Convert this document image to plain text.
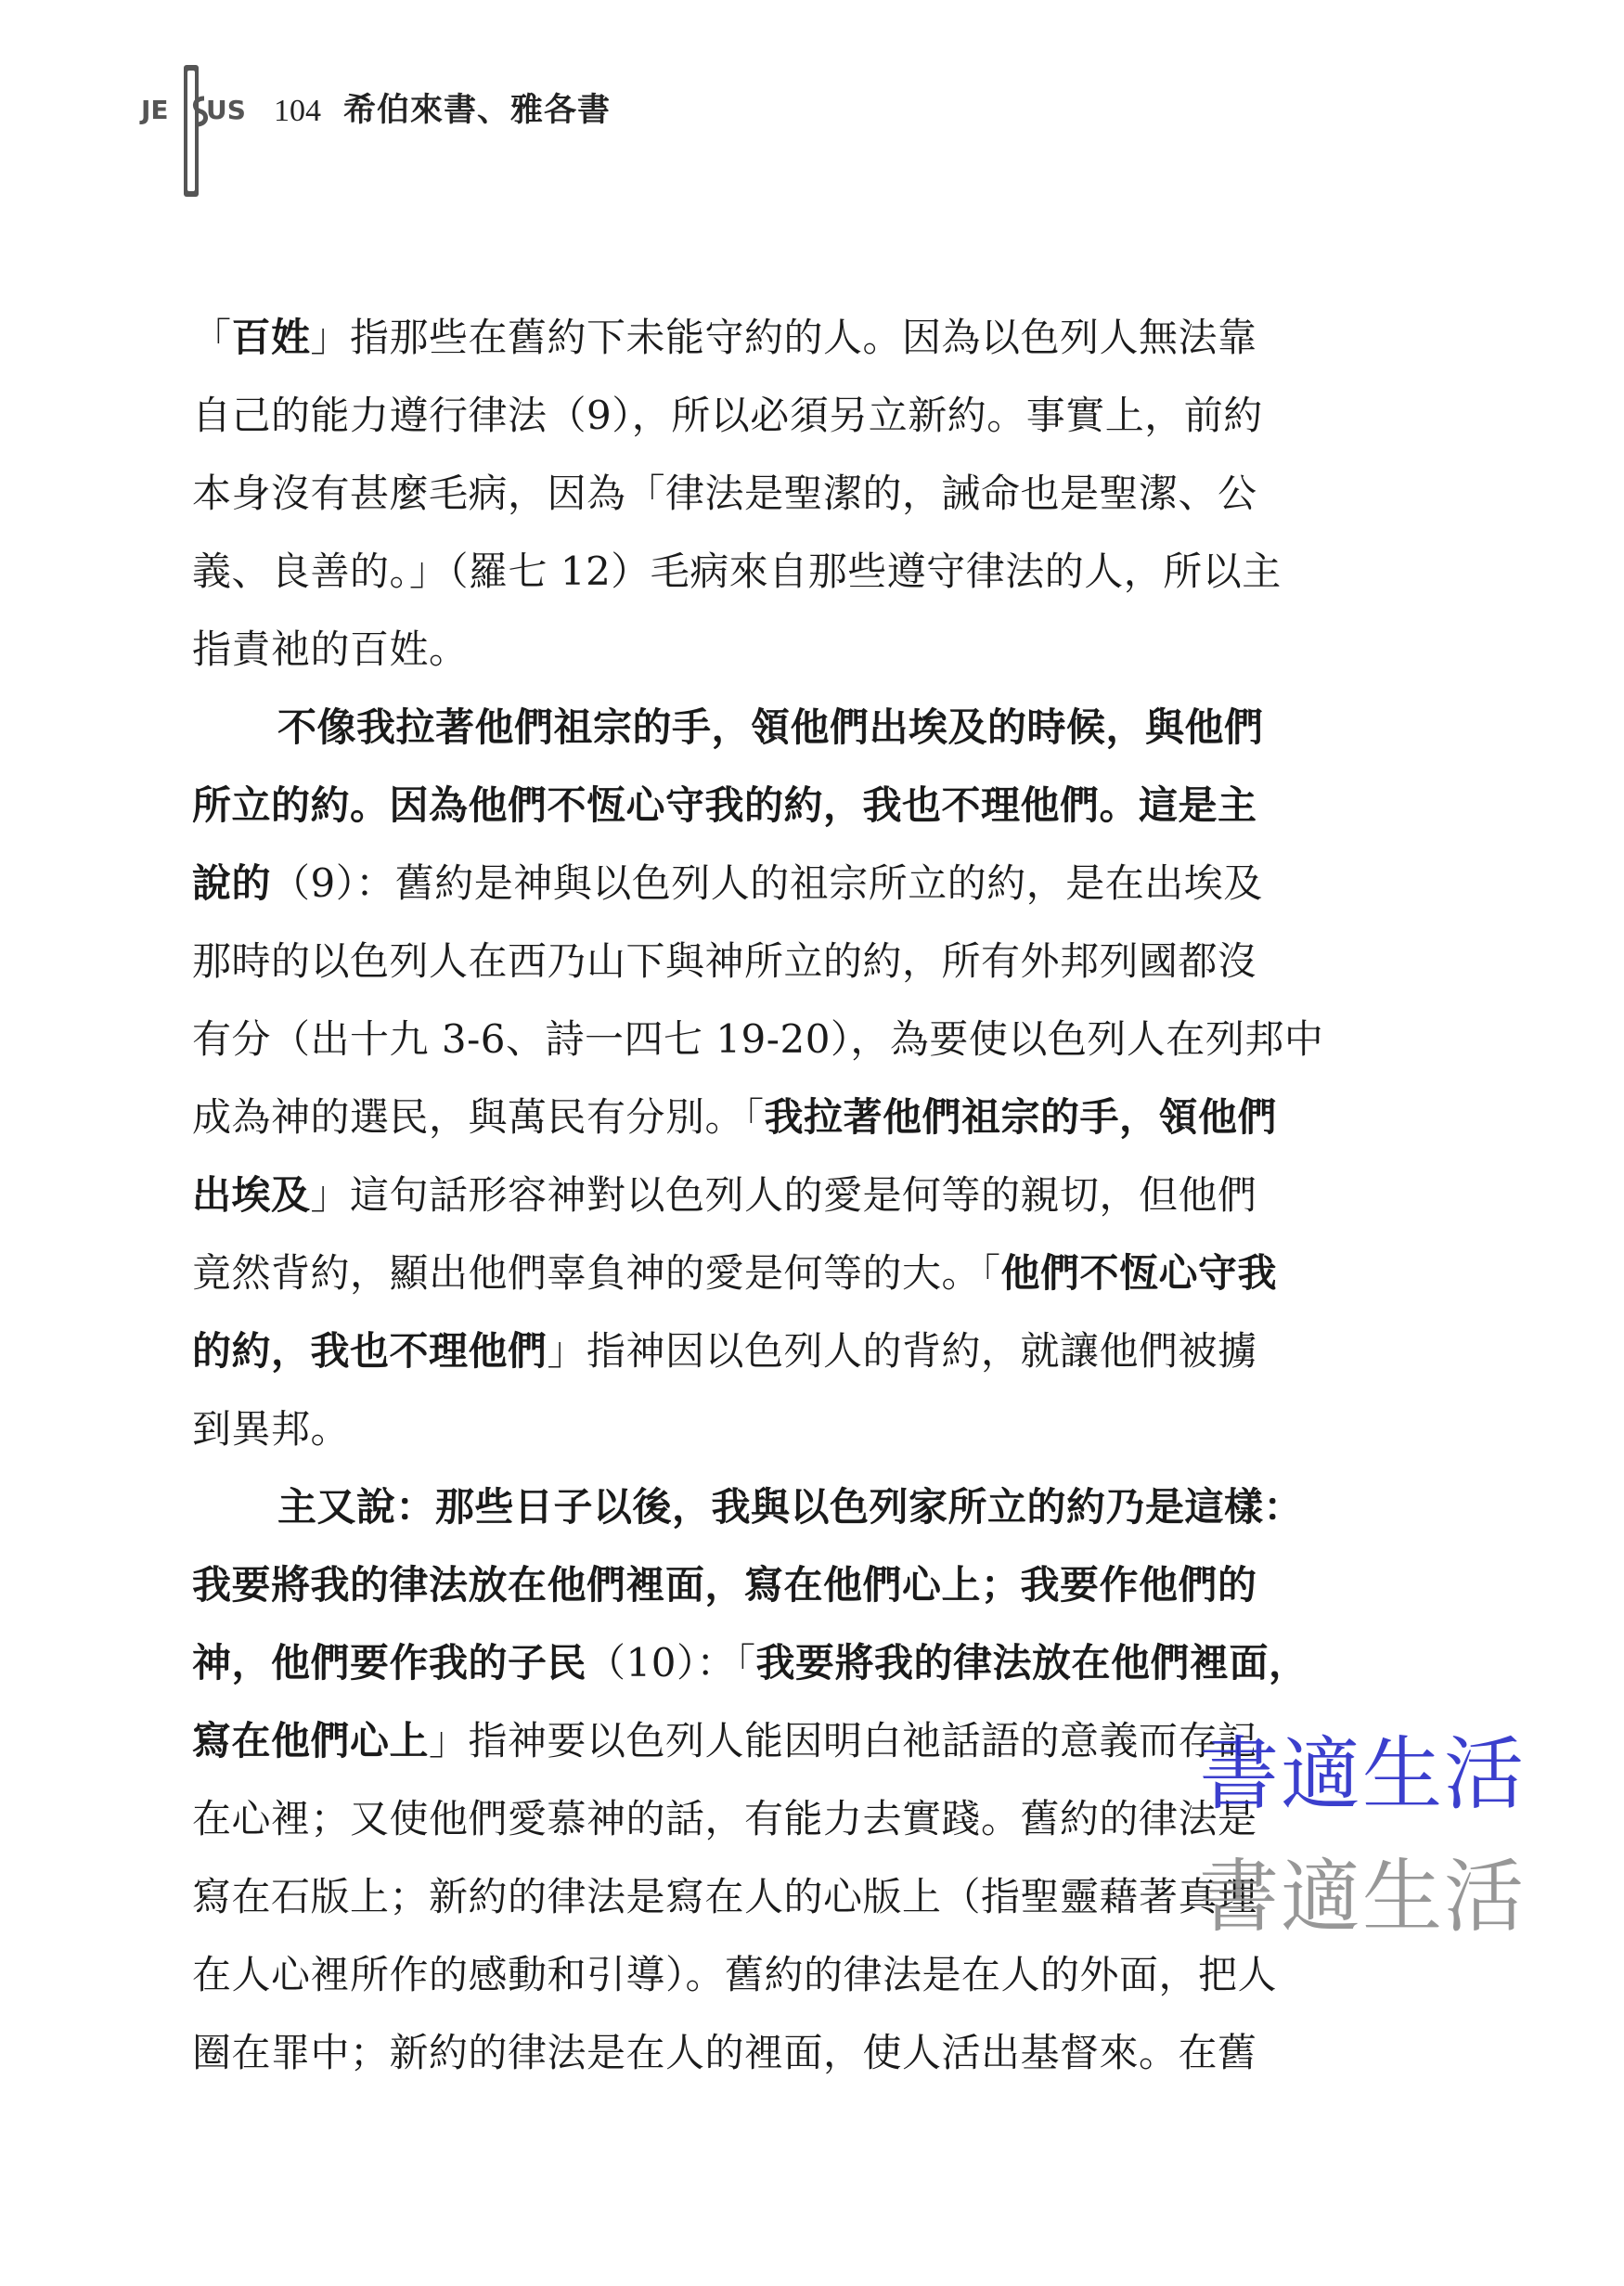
JE US 104 希伯來書、雅各書
「百姓」指那些在舊約下未能守約的人。因為以色列人無法靠
自己的能力遵行律法（9），所以必須另立新約。事實上，前約
本身沒有甚麼毛病，因為「律法是聖潔的，誡命也是聖潔、公
義、良善的。」（羅七 12）毛病來自那些遵守律法的人，所以主
指責祂的百姓。
不像我拉著他們祖宗的手，領他們出埃及的時候，與他們
所立的約。因為他們不恆心守我的約，我也不理他們。這是主
說的（9）：舊約是神與以色列人的祖宗所立的約，是在出埃及
那時的以色列人在西乃山下與神所立的約，所有外邦列國都沒
有分（出十九 3-6、詩一四七 19-20），為要使以色列人在列邦中
成為神的選民，與萬民有分別。「我拉著他們祖宗的手，領他們
出埃及」這句話形容神對以色列人的愛是何等的親切，但他們
竟然背約，顯出他們辜負神的愛是何等的大。「他們不恆心守我
的約，我也不理他們」指神因以色列人的背約，就讓他們被擄
到異邦。
主又說：那些日子以後，我與以色列家所立的約乃是這樣：
我要將我的律法放在他們裡面，寫在他們心上；我要作他們的
神，他們要作我的子民（10）：「我要將我的律法放在他們裡面，
寫在他們心上」指神要以色列人能因明白祂話語的意義而存記
在心裡；又使他們愛慕神的話，有能力去實踐。舊約的律法是
寫在石版上；新約的律法是寫在人的心版上（指聖靈藉著真理
在人心裡所作的感動和引導）。舊約的律法是在人的外面，把人
圈在罪中；新約的律法是在人的裡面，使人活出基督來。在舊
書適生活
書適生活
